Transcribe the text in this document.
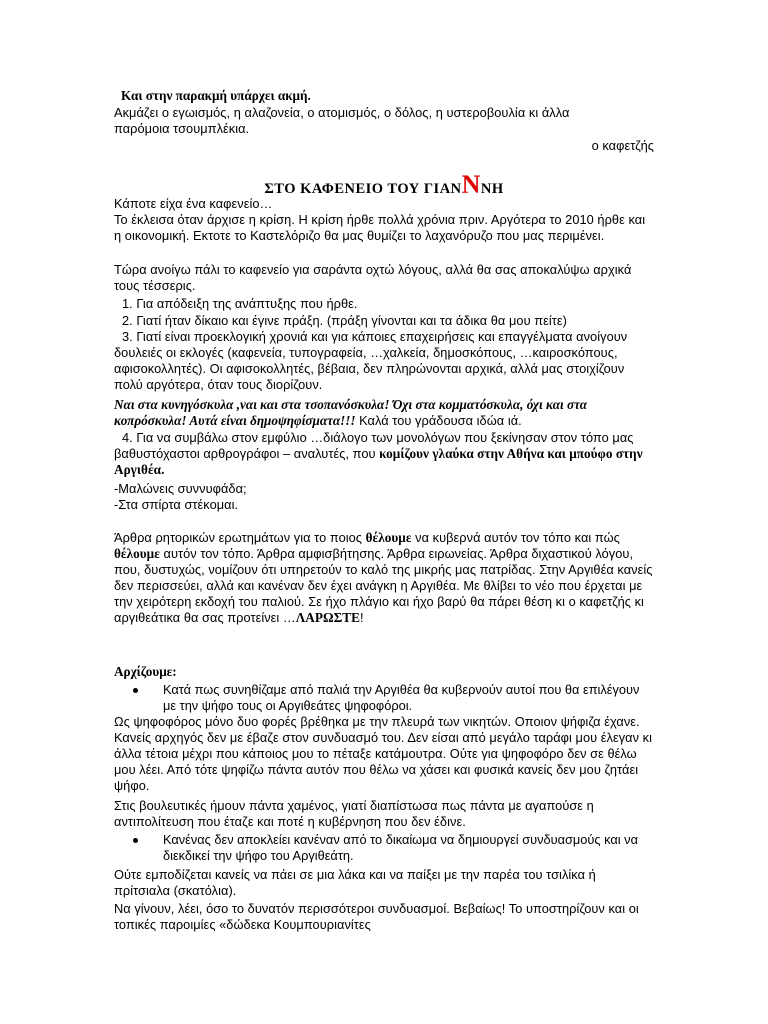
Και στην παρακμή υπάρχει ακμή.

Ακμάζει ο εγωισμός, η αλαζονεία, ο ατομισμός, ο δόλος, η υστεροβουλία κι άλλα

παρόμοια τσουμπλέκια.

ο καφετζής

ΣΤΟ ΚΑΦΕΝΕΙΟ ΤΟΥ ΓΙΑΝΝΝΗ

Κάποτε είχα ένα καφενείο…

Το έκλεισα όταν άρχισε η κρίση. Η κρίση ήρθε πολλά χρόνια πριν. Αργότερα το 2010 ήρθε και η οικονομική. Εκτοτε το Καστελόριζο θα μας θυμίζει το λαχανόρυζο που μας περιμένει.

Τώρα ανοίγω πάλι το καφενείο για σαράντα οχτώ λόγους, αλλά θα σας αποκαλύψω αρχικά τους τέσσερις.

1. Για απόδειξη της ανάπτυξης που ήρθε.

2. Γιατί ήταν δίκαιο και έγινε πράξη. (πράξη γίνονται και τα άδικα θα μου πείτε)

3. Γιατί είναι προεκλογική χρονιά και για κάποιες επαχειρήσεις και επαγγέλματα ανοίγουν δουλειές οι εκλογές (καφενεία, τυπογραφεία, …χαλκεία, δημοσκόπους, …καιροσκόπους, αφισοκολλητές). Οι αφισοκολλητές, βέβαια, δεν πληρώνονται αρχικά, αλλά μας στοιχίζουν πολύ αργότερα, όταν τους διορίζουν.

Ναι στα κυνηγόσκυλα ,ναι και στα τσοπανόσκυλα! Όχι στα κομματόσκυλα, όχι και στα κοπρόσκυλα! Αυτά είναι δημοψηφίσματα!!! Καλά του γράδουσα ιδώα ιά.

4. Για να συμβάλω στον εμφύλιο …διάλογο των μονολόγων που ξεκίνησαν στον τόπο μας βαθυστόχαστοι αρθρογράφοι – αναλυτές, που κομίζουν γλαύκα στην Αθήνα και μπούφο στην Αργιθέα.

-Μαλώνεις συννυφάδα;

-Στα σπίρτα στέκομαι.

Άρθρα ρητορικών ερωτημάτων για το ποιος θέλουμε να κυβερνά αυτόν τον τόπο και πώς θέλουμε αυτόν τον τόπο. Άρθρα αμφισβήτησης. Άρθρα ειρωνείας. Άρθρα διχαστικού λόγου, που, δυστυχώς, νομίζουν ότι υπηρετούν το καλό της μικρής μας πατρίδας. Στην Αργιθέα κανείς δεν περισσεύει, αλλά και κανέναν δεν έχει ανάγκη η Αργιθέα. Με θλίβει το νέο που έρχεται με την χειρότερη εκδοχή του παλιού. Σε ήχο πλάγιο και ήχο βαρύ θα πάρει θέση κι ο καφετζής κι αργιθεάτικα θα σας προτείνει …ΛΑΡΩΣΤΕ!

Αρχίζουμε:

Κατά πως συνηθίζαμε από παλιά την Αργιθέα θα κυβερνούν αυτοί που θα επιλέγουν με την ψήφο τους οι Αργιθεάτες ψηφοφόροι.

Ως ψηφοφόρος μόνο δυο φορές βρέθηκα με την πλευρά των νικητών. Οποιον ψήφιζα έχανε. Κανείς αρχηγός δεν με έβαζε στον συνδυασμό του. Δεν είσαι από μεγάλο ταράφι μου έλεγαν κι άλλα τέτοια μέχρι που κάποιος μου το πέταξε κατάμουτρα. Ούτε για ψηφοφόρο δεν σε θέλω μου λέει. Από τότε ψηφίζω πάντα αυτόν που θέλω να χάσει και φυσικά κανείς δεν μου ζητάει ψήφο.

Στις βουλευτικές ήμουν πάντα χαμένος, γιατί διαπίστωσα πως πάντα με αγαπούσε η αντιπολίτευση που έταζε και ποτέ η κυβέρνηση που δεν έδινε.

Κανένας δεν αποκλείει κανέναν από το δικαίωμα να δημιουργεί συνδυασμούς και να διεκδικεί την ψήφο του Αργιθεάτη.

Ούτε εμποδίζεται κανείς να πάει σε μια λάκα και να παίξει με την παρέα του τσιλίκα ή πρίτσιαλα (σκατόλια).

Να γίνουν, λέει, όσο το δυνατόν περισσότεροι συνδυασμοί. Βεβαίως! Το υποστηρίζουν και οι τοπικές παροιμίες «δώδεκα Κουμπουριανίτες
